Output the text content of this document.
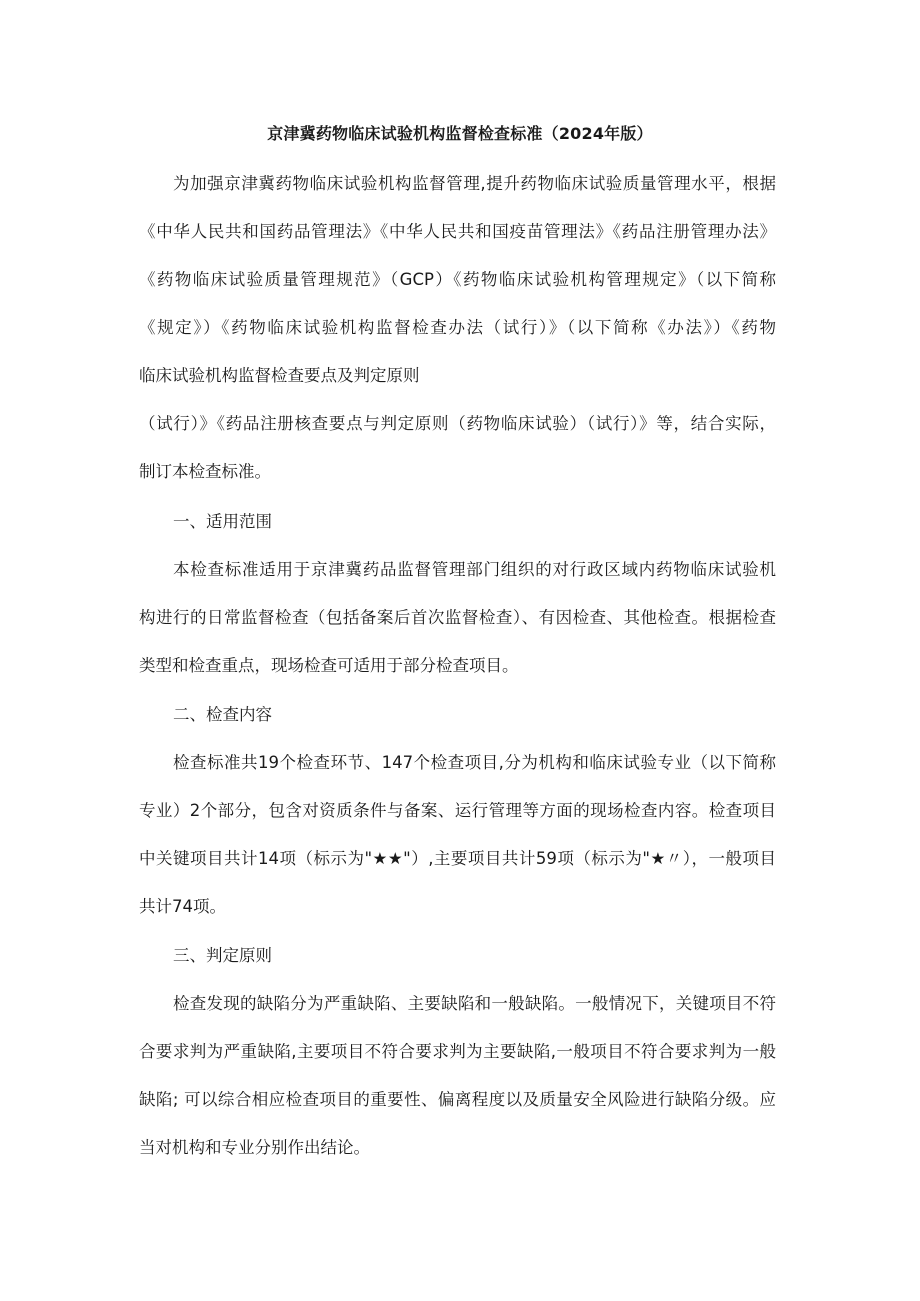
京津冀药物临床试验机构监督检查标准（2024年版）
为加强京津冀药物临床试验机构监督管理,提升药物临床试验质量管理水平，根据
《中华人民共和国药品管理法》《中华人民共和国疫苗管理法》《药品注册管理办法》
《药物临床试验质量管理规范》（GCP）《药物临床试验机构管理规定》（以下简称
《规定》）《药物临床试验机构监督检查办法（试行）》（以下简称《办法》）《药物
临床试验机构监督检查要点及判定原则
（试行）》《药品注册核查要点与判定原则（药物临床试验）（试行）》等，结合实际，
制订本检查标准。
一、适用范围
本检查标准适用于京津冀药品监督管理部门组织的对行政区域内药物临床试验机
构进行的日常监督检查（包括备案后首次监督检查）、有因检查、其他检查。根据检查
类型和检查重点，现场检查可适用于部分检查项目。
二、检查内容
检查标准共19个检查环节、147个检查项目,分为机构和临床试验专业（以下简称
专业）2个部分，包含对资质条件与备案、运行管理等方面的现场检查内容。检查项目
中关键项目共计14项（标示为"★★"）,主要项目共计59项（标示为"★〃），一般项目
共计74项。
三、判定原则
检查发现的缺陷分为严重缺陷、主要缺陷和一般缺陷。一般情况下，关键项目不符
合要求判为严重缺陷,主要项目不符合要求判为主要缺陷,一般项目不符合要求判为一般
缺陷; 可以综合相应检查项目的重要性、偏离程度以及质量安全风险进行缺陷分级。应
当对机构和专业分别作出结论。
